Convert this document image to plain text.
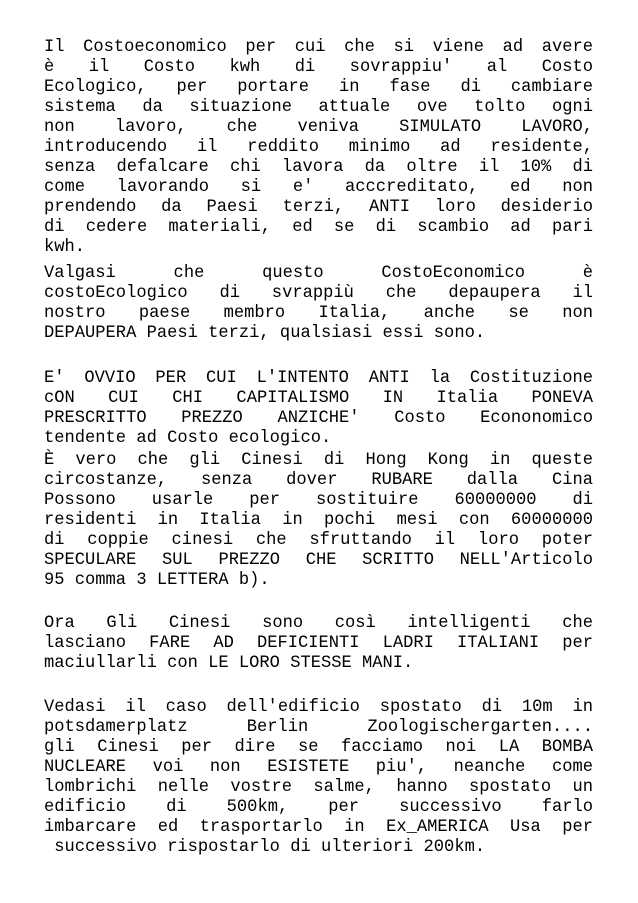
Il Costoeconomico per cui che si viene ad avere
è il Costo kwh di sovrappiu' al Costo
Ecologico, per portare in fase di cambiare
sistema da situazione attuale ove tolto ogni
non lavoro, che veniva SIMULATO LAVORO,
introducendo il reddito minimo ad residente,
senza defalcare chi lavora da oltre il 10% di
come lavorando si e' acccreditato, ed non
prendendo da Paesi terzi, ANTI loro desiderio
di cedere materiali, ed se di scambio ad pari
kwh.
Valgasi che questo CostoEconomico è
costoEcologico di svrappiù che depaupera il
nostro paese membro Italia, anche se non
DEPAUPERA Paesi terzi, qualsiasi essi sono.
E' OVVIO PER CUI L'INTENTO ANTI la Costituzione
cON CUI CHI CAPITALISMO IN Italia PONEVA
PRESCRITTO PREZZO ANZICHE' Costo Econonomico
tendente ad Costo ecologico.
È vero che gli Cinesi di Hong Kong in queste
circostanze, senza dover RUBARE dalla Cina
Possono usarle per sostituire 60000000 di
residenti in Italia in pochi mesi con 60000000
di coppie cinesi che sfruttando il loro poter
SPECULARE SUL PREZZO CHE SCRITTO NELL'Articolo
95 comma 3 LETTERA b).
Ora Gli Cinesi sono così intelligenti che
lasciano FARE AD DEFICIENTI LADRI ITALIANI per
maciullarli con LE LORO STESSE MANI.
Vedasi il caso dell'edificio spostato di 10m in
potsdamerplatz Berlin Zoologischergarten....
gli Cinesi per dire se facciamo noi LA BOMBA
NUCLEARE voi non ESISTETE piu', neanche come
lombrichi nelle vostre salme, hanno spostato un
edificio di 500km, per successivo farlo
imbarcare ed trasportarlo in Ex_AMERICA Usa per
successivo rispostarlo di ulteriori 200km.
